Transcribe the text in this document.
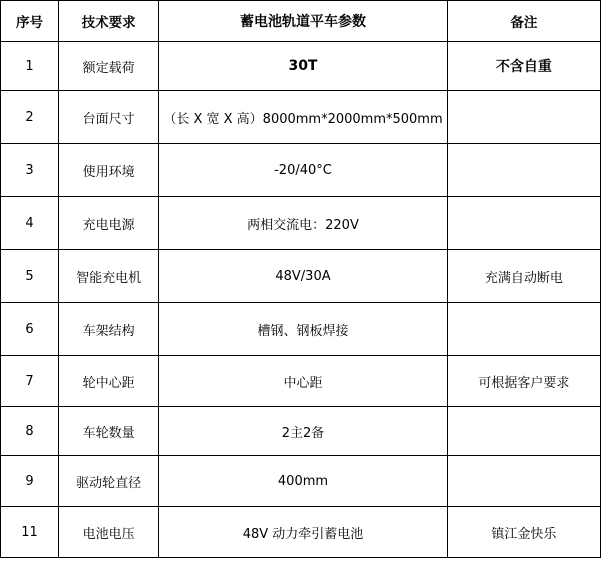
序号	技术要求	蓄电池轨道平车参数	备注
1	额定载荷	30T	不含自重
2	台面尺寸	（长 X 宽 X 高）8000mm*2000mm*500mm	
3	使用环境	-20/40°C	
4	充电电源	两相交流电：220V	
5	智能充电机	48V/30A	充满自动断电
6	车架结构	槽钢、钢板焊接	
7	轮中心距	中心距	可根据客户要求
8	车轮数量	2主2备	
9	驱动轮直径	400mm	
11	电池电压	48V 动力牵引蓄电池	镇江金快乐
